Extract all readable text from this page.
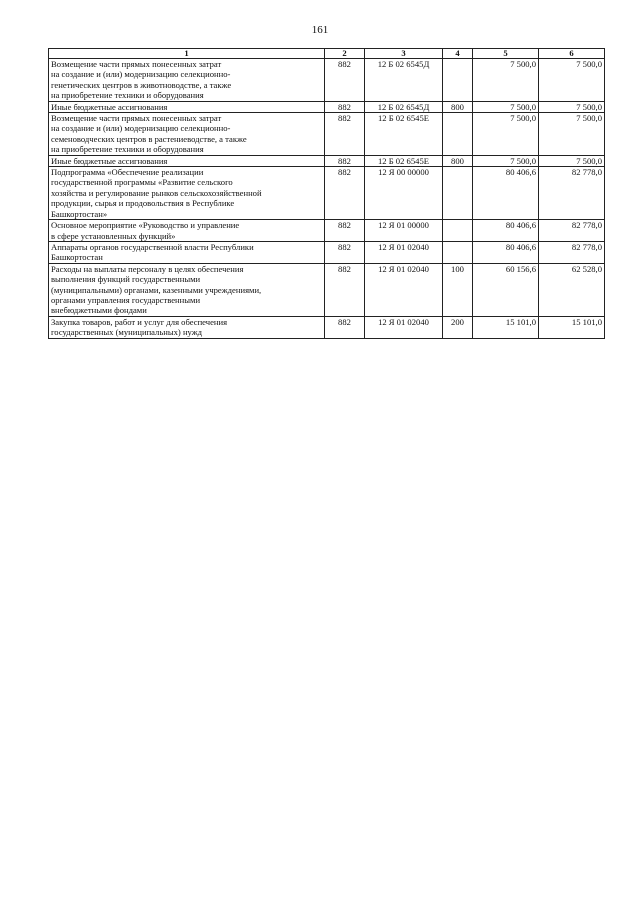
161
1	2	3	4	5	6
Возмещение части прямых понесенных затрат
на создание и (или) модернизацию селекционно-
генетических центров в животноводстве, а также
на приобретение техники и оборудования	882	12 Б 02 6545Д		7 500,0	7 500,0
Иные бюджетные ассигнования	882	12 Б 02 6545Д	800	7 500,0	7 500,0
Возмещение части прямых понесенных затрат
на создание и (или) модернизацию селекционно-
семеноводческих центров в растениеводстве, а также
на приобретение техники и оборудования	882	12 Б 02 6545Е		7 500,0	7 500,0
Иные бюджетные ассигнования	882	12 Б 02 6545Е	800	7 500,0	7 500,0
Подпрограмма «Обеспечение реализации
государственной программы «Развитие сельского
хозяйства и регулирование рынков сельскохозяйственной
продукции, сырья и продовольствия в Республике
Башкортостан»	882	12 Я 00 00000		80 406,6	82 778,0
Основное мероприятие «Руководство и управление
в сфере установленных функций»	882	12 Я 01 00000		80 406,6	82 778,0
Аппараты органов государственной власти Республики
Башкортостан	882	12 Я 01 02040		80 406,6	82 778,0
Расходы на выплаты персоналу в целях обеспечения
выполнения функций государственными
(муниципальными) органами, казенными учреждениями,
органами управления государственными
внебюджетными фондами	882	12 Я 01 02040	100	60 156,6	62 528,0
Закупка товаров, работ и услуг для обеспечения
государственных (муниципальных) нужд	882	12 Я 01 02040	200	15 101,0	15 101,0
